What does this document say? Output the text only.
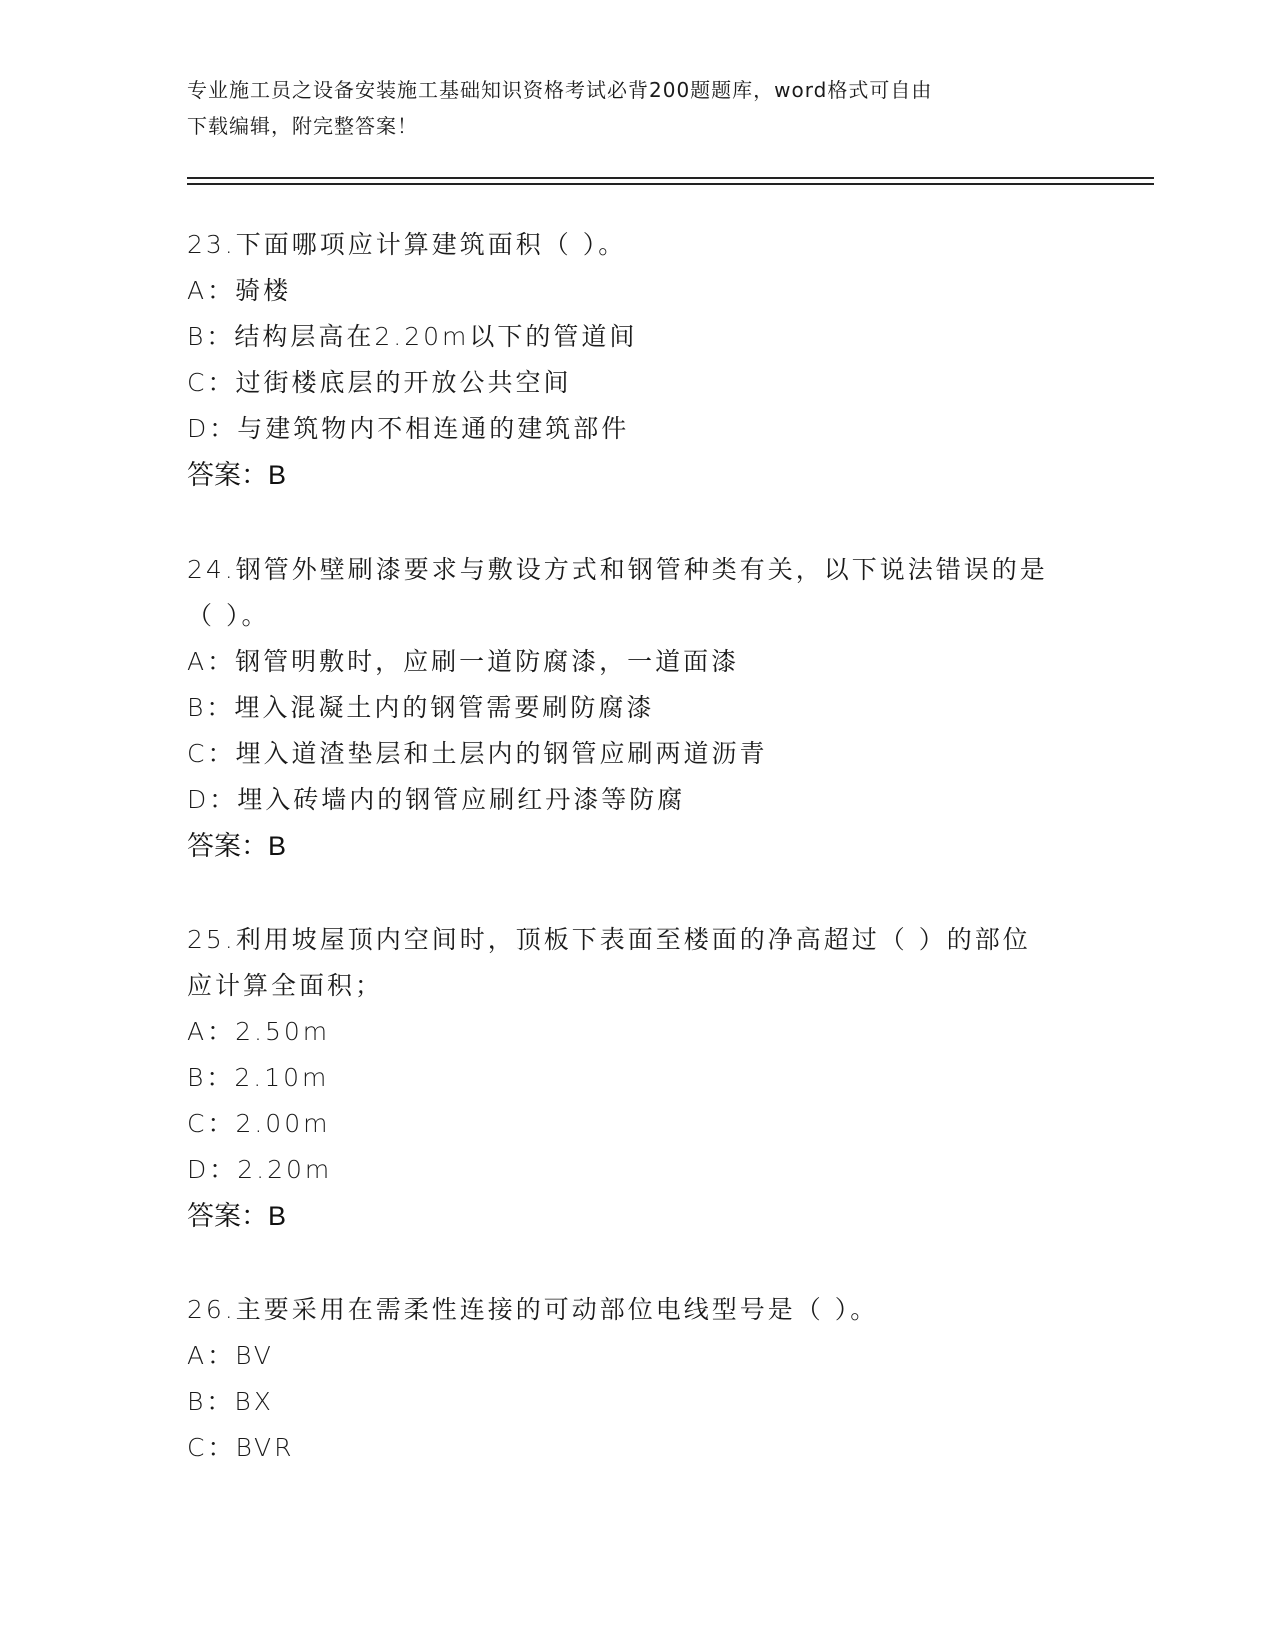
专业施工员之设备安装施工基础知识资格考试必背200题题库，word格式可自由
下载编辑，附完整答案！

23.下面哪项应计算建筑面积（ ）。

A：骑楼

B：结构层高在2.20m以下的管道间

C：过街楼底层的开放公共空间

D：与建筑物内不相连通的建筑部件

答案：B

24.钢管外壁刷漆要求与敷设方式和钢管种类有关，以下说法错误的是

（ ）。

A：钢管明敷时，应刷一道防腐漆，一道面漆

B：埋入混凝土内的钢管需要刷防腐漆

C：埋入道渣垫层和土层内的钢管应刷两道沥青

D：埋入砖墙内的钢管应刷红丹漆等防腐

答案：B

25.利用坡屋顶内空间时，顶板下表面至楼面的净高超过（ ）的部位

应计算全面积；

A：2.50m

B：2.10m

C：2.00m

D：2.20m

答案：B

26.主要采用在需柔性连接的可动部位电线型号是（ ）。

A：BV

B：BX

C：BVR
